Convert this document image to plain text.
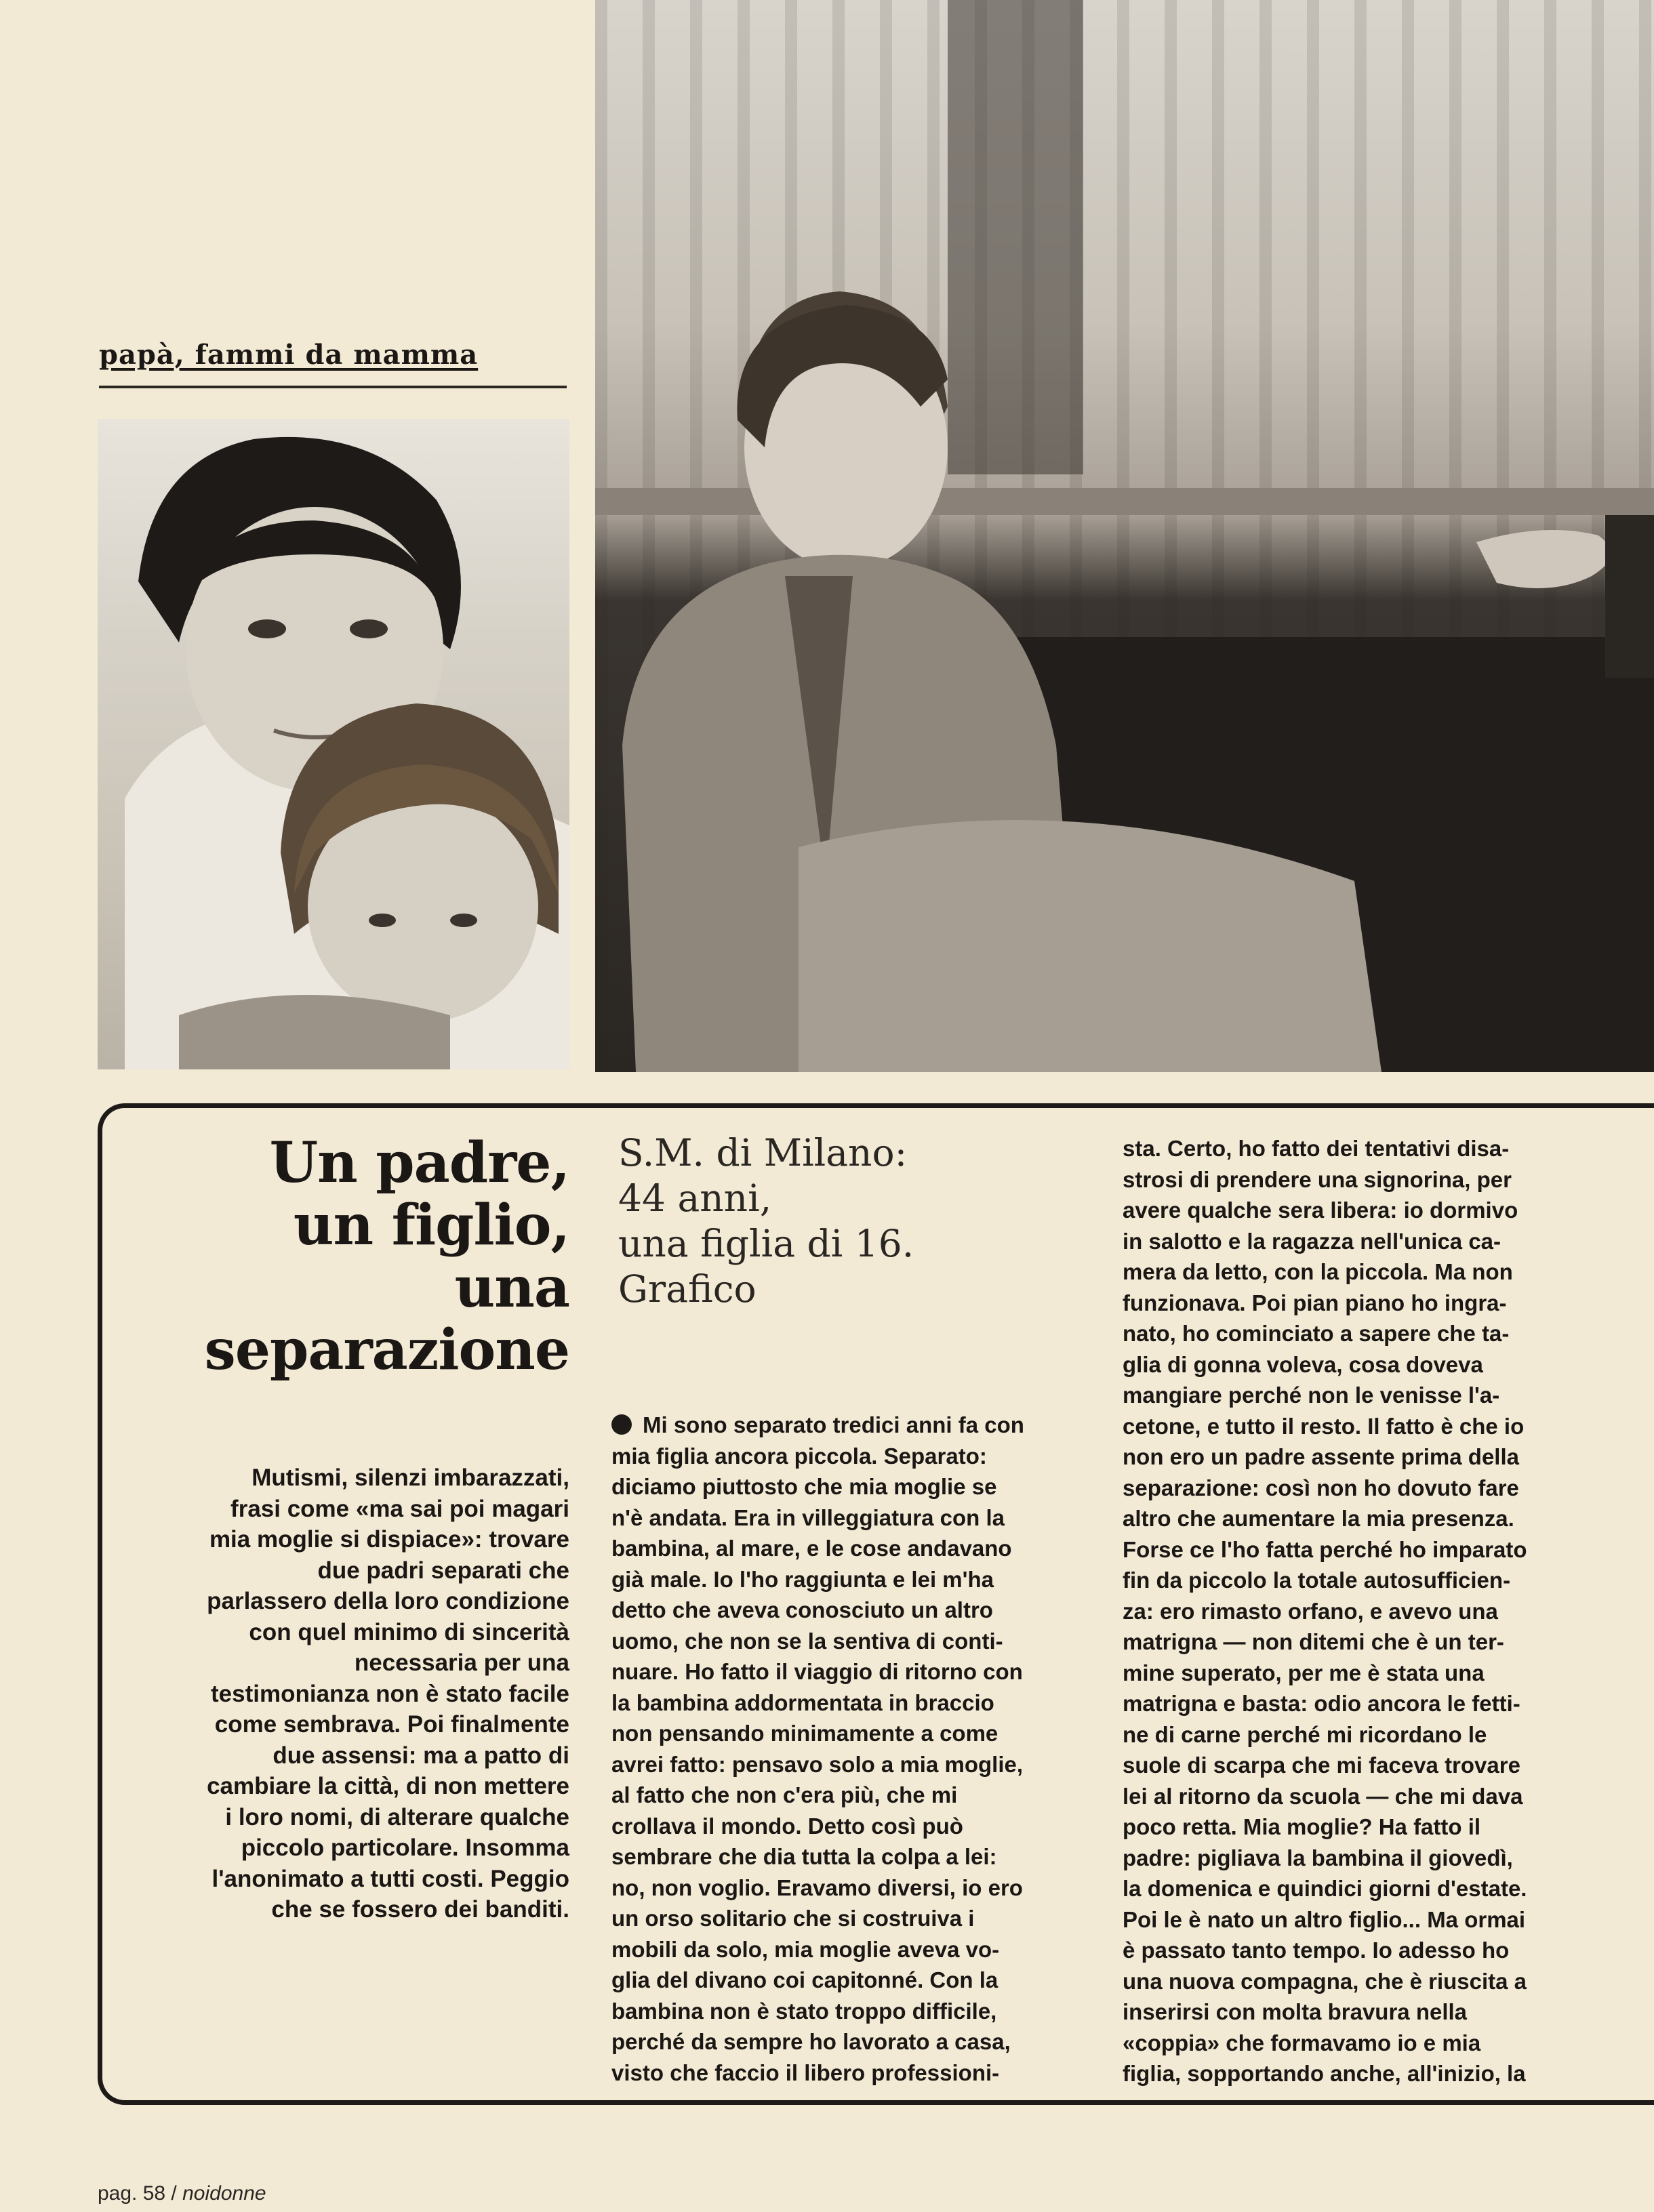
papà, fammi da mamma
Un padre,
un figlio,
una
separazione
Mutismi, silenzi imbarazzati,
frasi come «ma sai poi magari
mia moglie si dispiace»: trovare
due padri separati che
parlassero della loro condizione
con quel minimo di sincerità
necessaria per una
testimonianza non è stato facile
come sembrava. Poi finalmente
due assensi: ma a patto di
cambiare la città, di non mettere
i loro nomi, di alterare qualche
piccolo particolare. Insomma
l'anonimato a tutti costi. Peggio
che se fossero dei banditi.
S.M. di Milano:
44 anni,
una figlia di 16.
Grafico
Mi sono separato tredici anni fa con
mia figlia ancora piccola. Separato:
diciamo piuttosto che mia moglie se
n'è andata. Era in villeggiatura con la
bambina, al mare, e le cose andavano
già male. Io l'ho raggiunta e lei m'ha
detto che aveva conosciuto un altro
uomo, che non se la sentiva di conti-
nuare. Ho fatto il viaggio di ritorno con
la bambina addormentata in braccio
non pensando minimamente a come
avrei fatto: pensavo solo a mia moglie,
al fatto che non c'era più, che mi
crollava il mondo. Detto così può
sembrare che dia tutta la colpa a lei:
no, non voglio. Eravamo diversi, io ero
un orso solitario che si costruiva i
mobili da solo, mia moglie aveva vo-
glia del divano coi capitonné. Con la
bambina non è stato troppo difficile,
perché da sempre ho lavorato a casa,
visto che faccio il libero professioni-
sta. Certo, ho fatto dei tentativi disa-
strosi di prendere una signorina, per
avere qualche sera libera: io dormivo
in salotto e la ragazza nell'unica ca-
mera da letto, con la piccola. Ma non
funzionava. Poi pian piano ho ingra-
nato, ho cominciato a sapere che ta-
glia di gonna voleva, cosa doveva
mangiare perché non le venisse l'a-
cetone, e tutto il resto. Il fatto è che io
non ero un padre assente prima della
separazione: così non ho dovuto fare
altro che aumentare la mia presenza.
Forse ce l'ho fatta perché ho imparato
fin da piccolo la totale autosufficien-
za: ero rimasto orfano, e avevo una
matrigna — non ditemi che è un ter-
mine superato, per me è stata una
matrigna e basta: odio ancora le fetti-
ne di carne perché mi ricordano le
suole di scarpa che mi faceva trovare
lei al ritorno da scuola — che mi dava
poco retta. Mia moglie? Ha fatto il
padre: pigliava la bambina il giovedì,
la domenica e quindici giorni d'estate.
Poi le è nato un altro figlio... Ma ormai
è passato tanto tempo. Io adesso ho
una nuova compagna, che è riuscita a
inserirsi con molta bravura nella
«coppia» che formavamo io e mia
figlia, sopportando anche, all'inizio, la
pag. 58 / noidonne
